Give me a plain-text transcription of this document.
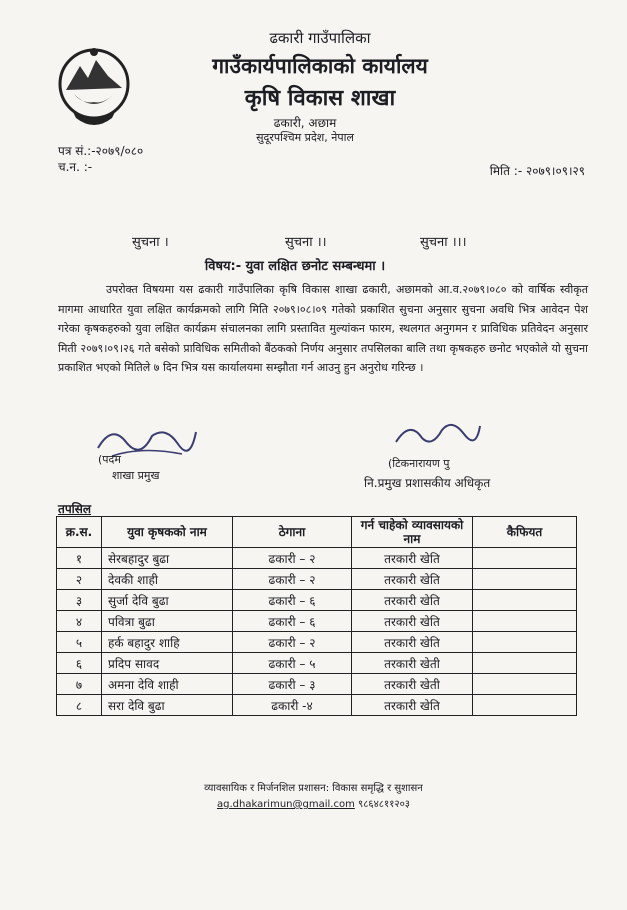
ढकारी गाउँपालिका
गाउँकार्यपालिकाको कार्यालय
कृषि विकास शाखा
ढकारी, अछाम
सुदूरपश्चिम प्रदेश, नेपाल
पत्र सं.:-२०७९/०८०
च.न. :-	मिति :- २०७९।०९।२९
सुचना ।	सुचना ।।	सुचना ।।।
विषय:- युवा लक्षित छनोट सम्बन्धमा ।
उपरोक्त विषयमा यस ढकारी गाउँपालिका कृषि विकास शाखा ढकारी, अछामको आ.व.२०७९।०८० को वार्षिक स्वीकृत मागमा आधारित युवा लक्षित कार्यक्रमको लागि मिति २०७९।०८।०९ गतेको प्रकाशित सुचना अनुसार सुचना अवधि भित्र आवेदन पेश गरेका कृषकहरुको युवा लक्षित कार्यक्रम संचालनका लागि प्रस्तावित मुल्यांकन फारम, स्थलगत अनुगमन र प्राविधिक प्रतिवेदन अनुसार मिती २०७९।०९।२६ गते बसेको प्राविधिक समितीको बैंठकको निर्णय अनुसार तपसिलका बालि तथा कृषकहरु छनोट भएकोले यो सुचना प्रकाशित भएको मितिले ७ दिन भित्र यस कार्यालयमा सम्झौता गर्न आउनु हुन अनुरोध गरिन्छ ।
(पदम
शाखा प्रमुख
(टिकनारायण पु
नि.प्रमुख प्रशासकीय अधिकृत
तपसिल
क्र.स.	युवा कृषकको नाम	ठेगाना	गर्न चाहेको व्यावसायको नाम	कैफियत
१	सेरबहादुर बुढा	ढकारी – २	तरकारी खेति	
२	देवकी शाही	ढकारी – २	तरकारी खेति	
३	सुर्जा देवि बुढा	ढकारी – ६	तरकारी खेति	
४	पवित्रा बुढा	ढकारी – ६	तरकारी खेति	
५	हर्क बहादुर शाहि	ढकारी – २	तरकारी खेति	
६	प्रदिप सावद	ढकारी – ५	तरकारी खेती	
७	अमना देवि शाही	ढकारी – ३	तरकारी खेती	
८	सरा देवि बुढा	ढकारी -४	तरकारी खेति	
व्यावसायिक र मिर्जनशिल प्रशासन: विकास समृद्धि र सुशासन
ag.dhakarimun@gmail.com ९८६४८११२०३
